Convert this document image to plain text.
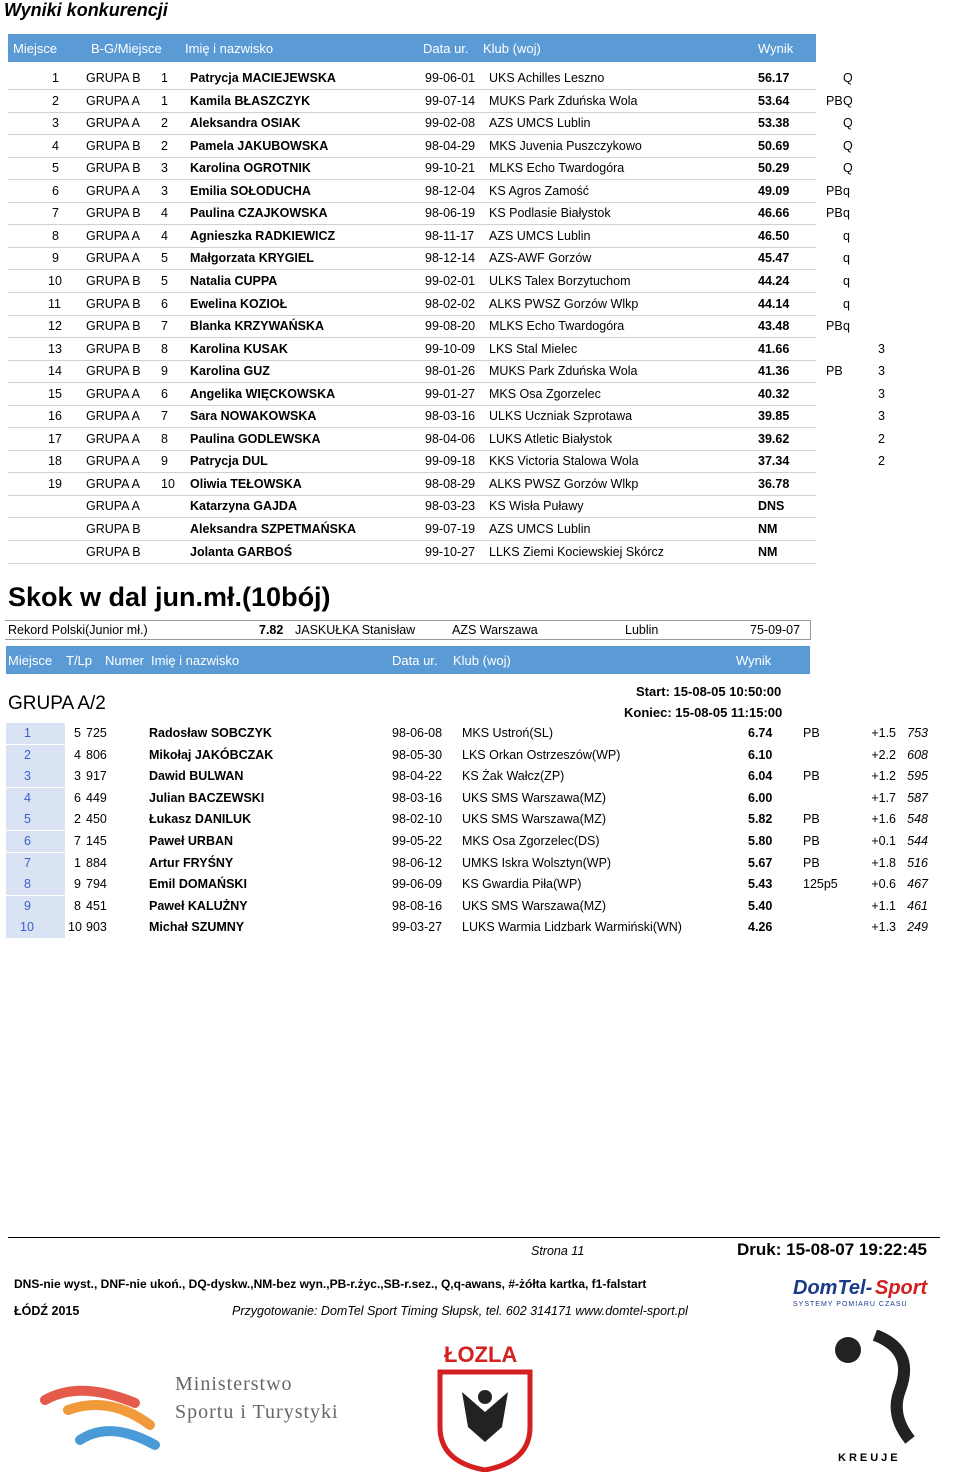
Wyniki konkurencji
Miejsce	B-G/Miejsce Imię i nazwisko	Data ur. Klub (woj)	Wynik
1 GRUPA B 1 Patrycja MACIEJEWSKA	99-06-01 UKS Achilles Leszno	56.17	Q
2 GRUPA A 1 Kamila BŁASZCZYK	99-07-14 MUKS Park Zduńska Wola	53.64	PB Q
3 GRUPA A 2 Aleksandra OSIAK	99-02-08 AZS UMCS Lublin	53.38	Q
4 GRUPA B 2 Pamela JAKUBOWSKA	98-04-29 MKS Juvenia Puszczykowo	50.69	Q
5 GRUPA B 3 Karolina OGROTNIK	99-10-21 MLKS Echo Twardogóra	50.29	Q
6 GRUPA A 3 Emilia SOŁODUCHA	98-12-04 KS Agros Zamość	49.09	PB q
7 GRUPA B 4 Paulina CZAJKOWSKA	98-06-19 KS Podlasie Białystok	46.66	PB q
8 GRUPA A 4 Agnieszka RADKIEWICZ	98-11-17 AZS UMCS Lublin	46.50	q
9 GRUPA A 5 Małgorzata KRYGIEL	98-12-14 AZS-AWF Gorzów	45.47	q
10 GRUPA B 5 Natalia CUPPA	99-02-01 ULKS Talex Borzytuchom	44.24	q
11 GRUPA B 6 Ewelina KOZIOŁ	98-02-02 ALKS PWSZ Gorzów Wlkp	44.14	q
12 GRUPA B 7 Blanka KRZYWAŃSKA	99-08-20 MLKS Echo Twardogóra	43.48	PB q
13 GRUPA B 8 Karolina KUSAK	99-10-09 LKS Stal Mielec	41.66	3
14 GRUPA B 9 Karolina GUZ	98-01-26 MUKS Park Zduńska Wola	41.36	PB	3
15 GRUPA A 6 Angelika WIĘCKOWSKA	99-01-27 MKS Osa Zgorzelec	40.32	3
16 GRUPA A 7 Sara NOWAKOWSKA	98-03-16 ULKS Uczniak Szprotawa	39.85	3
17 GRUPA A 8 Paulina GODLEWSKA	98-04-06 LUKS Atletic Białystok	39.62	2
18 GRUPA A 9 Patrycja DUL	99-09-18 KKS Victoria Stalowa Wola	37.34	2
19 GRUPA A 10 Oliwia TEŁOWSKA	98-08-29 ALKS PWSZ Gorzów Wlkp	36.78
GRUPA A	Katarzyna GAJDA	98-03-23 KS Wisła Puławy	DNS
GRUPA B	Aleksandra SZPETMAŃSKA	99-07-19 AZS UMCS Lublin	NM
GRUPA B	Jolanta GARBOŚ	99-10-27 LLKS Ziemi Kociewskiej Skórcz	NM
Skok w dal jun.mł.(10bój)
Rekord Polski(Junior mł.)	7.82 JASKUŁKA Stanisław	AZS Warszawa	Lublin	75-09-07
Miejsce T/Lp Numer Imię i nazwisko	Data ur. Klub (woj)	Wynik
GRUPA A/2
Start: 15-08-05 10:50:00
Koniec: 15-08-05 11:15:00
1	5 725	Radosław SOBCZYK	98-06-08 MKS Ustroń(SL)	6.74 PB	+1.5 753
2	4 806	Mikołaj JAKÓBCZAK	98-05-30 LKS Orkan Ostrzeszów(WP)	6.10	+2.2 608
3	3 917	Dawid BULWAN	98-04-22 KS Żak Wałcz(ZP)	6.04 PB	+1.2 595
4	6 449	Julian BACZEWSKI	98-03-16 UKS SMS Warszawa(MZ)	6.00	+1.7 587
5	2 450	Łukasz DANILUK	98-02-10 UKS SMS Warszawa(MZ)	5.82 PB	+1.6 548
6	7 145	Paweł URBAN	99-05-22 MKS Osa Zgorzelec(DS)	5.80 PB	+0.1 544
7	1 884	Artur FRYŚNY	98-06-12 UMKS Iskra Wolsztyn(WP)	5.67 PB	+1.8 516
8	9 794	Emil DOMAŃSKI	99-06-09 KS Gwardia Piła(WP)	5.43 125p5	+0.6 467
9	8 451	Paweł KALUŻNY	98-08-16 UKS SMS Warszawa(MZ)	5.40	+1.1 461
10	10 903	Michał SZUMNY	99-03-27 LUKS Warmia Lidzbark Warmiński(WN)	4.26	+1.3 249
Strona 11	Druk: 15-08-07 19:22:45
DNS-nie wyst., DNF-nie ukoń., DQ-dyskw.,NM-bez wyn.,PB-r.życ.,SB-r.sez., Q,q-awans, #-żółta kartka, f1-falstart
ŁÓDŹ 2015	Przygotowanie: DomTel Sport Timing Słupsk, tel. 602 314171 www.domtel-sport.pl
DomTel- Sport
SYSTEMY POMIARU CZASU
Ministerstwo
Sportu i Turystyki
ŁOZLA
KREUJE
